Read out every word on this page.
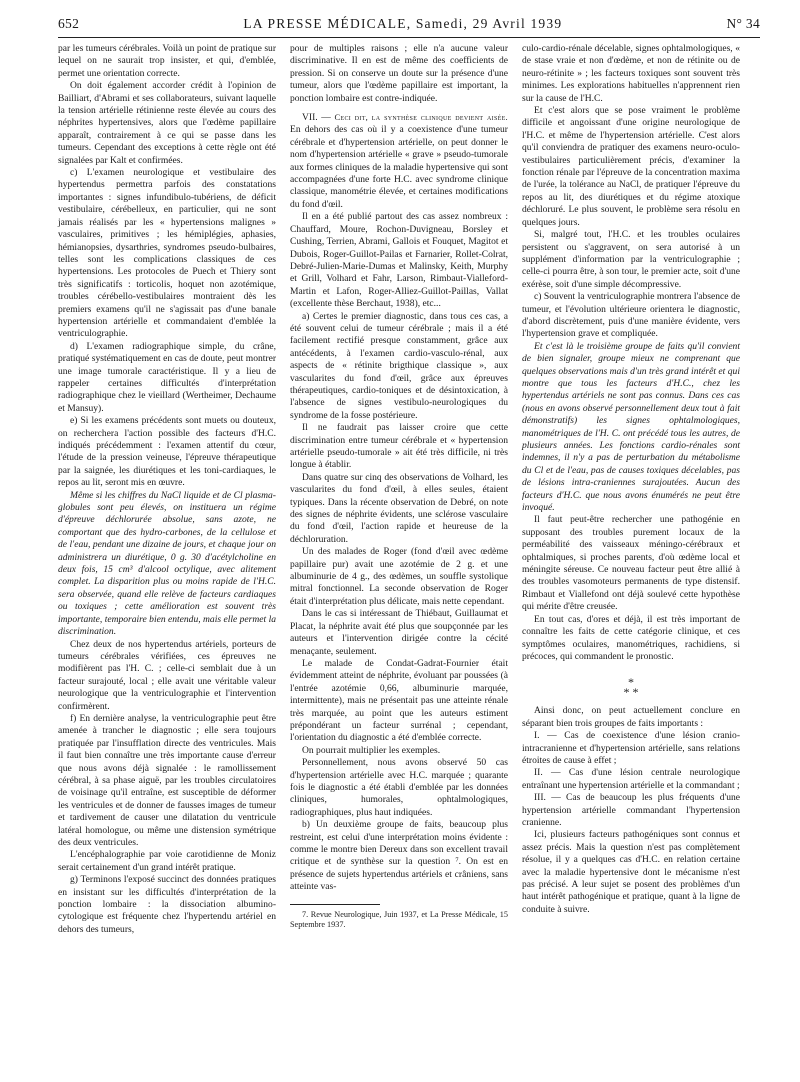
652	LA PRESSE MÉDICALE, Samedi, 29 Avril 1939	N° 34

par les tumeurs cérébrales. Voilà un point de pratique sur lequel on ne saurait trop insister, et qui, d'emblée, permet une orientation correcte.

On doit également accorder crédit à l'opinion de Bailliart, d'Abrami et ses collaborateurs, suivant laquelle la tension artérielle rétinienne reste élevée au cours des néphrites hypertensives, alors que l'œdème papillaire apparaît, contrairement à ce qui se passe dans les tumeurs. Cependant des exceptions à cette règle ont été signalées par Kalt et confirmées.

c) L'examen neurologique et vestibulaire des hypertendus permettra parfois des constatations importantes : signes infundibulo-tubériens, de déficit vestibulaire, cérébelleux, en particulier, qui ne sont jamais réalisés par les « hypertensions malignes » vasculaires, primitives ; les hémiplégies, aphasies, hémianopsies, dysarthries, syndromes pseudo-bulbaires, telles sont les complications classiques de ces hypertensions. Les protocoles de Puech et Thiery sont très significatifs : torticolis, hoquet non azotémique, troubles cérébello-vestibulaires montraient dès les premiers examens qu'il ne s'agissait pas d'une banale hypertension artérielle et commandaient d'emblée la ventriculographie.

d) L'examen radiographique simple, du crâne, pratiqué systématiquement en cas de doute, peut montrer une image tumorale caractéristique. Il y a lieu de rappeler certaines difficultés d'interprétation radiographique chez le vieillard (Wertheimer, Dechaume et Mansuy).

e) Si les examens précédents sont muets ou douteux, on recherchera l'action possible des facteurs d'H.C. indiqués précédemment : l'examen attentif du cœur, l'étude de la pression veineuse, l'épreuve thérapeutique par la saignée, les diurétiques et les toni-cardiaques, le repos au lit, seront mis en œuvre.

Même si les chiffres du NaCl liquide et de Cl plasma-globules sont peu élevés, on instituera un régime d'épreuve déchlorurée absolue, sans azote, ne comportant que des hydro-carbones, de la cellulose et de l'eau, pendant une dizaine de jours, et chaque jour on administrera un diurétique, 0 g. 30 d'acétylcholine en deux fois, 15 cm³ d'alcool octylique, avec alitement complet. La disparition plus ou moins rapide de l'H.C. sera observée, quand elle relève de facteurs cardiaques ou toxiques ; cette amélioration est souvent très importante, temporaire bien entendu, mais elle permet la discrimination.

Chez deux de nos hypertendus artériels, porteurs de tumeurs cérébrales vérifiées, ces épreuves ne modifièrent pas l'H. C. ; celle-ci semblait due à un facteur surajouté, local ; elle avait une véritable valeur neurologique que la ventriculographie et l'intervention confirmèrent.

f) En dernière analyse, la ventriculographie peut être amenée à trancher le diagnostic ; elle sera toujours pratiquée par l'insufflation directe des ventricules. Mais il faut bien connaître une très importante cause d'erreur que nous avons déjà signalée : le ramollissement cérébral, à sa phase aiguë, par les troubles circulatoires de voisinage qu'il entraîne, est susceptible de déformer les ventricules et de donner de fausses images de tumeur et tardivement de causer une dilatation du ventricule latéral homologue, ou même une distension symétrique des deux ventricules.

L'encéphalographie par voie carotidienne de Moniz serait certainement d'un grand intérêt pratique.

g) Terminons l'exposé succinct des données pratiques en insistant sur les difficultés d'interprétation de la ponction lombaire : la dissociation albumino-cytologique est fréquente chez l'hypertendu artériel en dehors des tumeurs,

pour de multiples raisons ; elle n'a aucune valeur discriminative. Il en est de même des coefficients de pression. Si on conserve un doute sur la présence d'une tumeur, alors que l'œdème papillaire est important, la ponction lombaire est contre-indiquée.

VII. — Ceci dit, la synthèse clinique devient aisée. En dehors des cas où il y a coexistence d'une tumeur cérébrale et d'hypertension artérielle, on peut donner le nom d'hypertension artérielle « grave » pseudo-tumorale aux formes cliniques de la maladie hypertensive qui sont accompagnées d'une forte H.C. avec syndrome clinique classique, manométrie élevée, et certaines modifications du fond d'œil.

Il en a été publié partout des cas assez nombreux : Chauffard, Moure, Rochon-Duvigneau, Borsley et Cushing, Terrien, Abrami, Gallois et Fouquet, Magitot et Dubois, Roger-Guillot-Pailas et Farnarier, Rollet-Colrat, Debré-Julien-Marie-Dumas et Malinsky, Keith, Murphy et Grill, Volhard et Fahr, Larson, Rimbaut-Vialleford-Martin et Lafon, Roger-Alliez-Guillot-Paillas, Vallat (excellente thèse Berchaut, 1938), etc...

a) Certes le premier diagnostic, dans tous ces cas, a été souvent celui de tumeur cérébrale ; mais il a été facilement rectifié presque constamment, grâce aux antécédents, à l'examen cardio-vasculo-rénal, aux aspects de « rétinite brigthique classique », aux vascularites du fond d'œil, grâce aux épreuves thérapeutiques, cardio-toniques et de désintoxication, à l'absence de signes vestibulo-neurologiques du syndrome de la fosse postérieure.

Il ne faudrait pas laisser croire que cette discrimination entre tumeur cérébrale et « hypertension artérielle pseudo-tumorale » ait été très difficile, ni très longue à établir.

Dans quatre sur cinq des observations de Volhard, les vascularites du fond d'œil, à elles seules, étaient typiques. Dans la récente observation de Debré, on note des signes de néphrite évidents, une sclérose vasculaire du fond d'œil, l'action rapide et heureuse de la déchloruration.

Un des malades de Roger (fond d'œil avec œdème papillaire pur) avait une azotémie de 2 g. et une albuminurie de 4 g., des œdèmes, un souffle systolique mitral fonctionnel. La seconde observation de Roger était d'interprétation plus délicate, mais nette cependant.

Dans le cas si intéressant de Thiébaut, Guillaumat et Placat, la néphrite avait été plus que soupçonnée par les auteurs et l'intervention dirigée contre la cécité menaçante, seulement.

Le malade de Condat-Gadrat-Fournier était évidemment atteint de néphrite, évoluant par poussées (à l'entrée azotémie 0,66, albuminurie marquée, intermittente), mais ne présentait pas une atteinte rénale très marquée, au point que les auteurs estiment prépondérant un facteur surrénal ; cependant, l'orientation du diagnostic a été d'emblée correcte.

On pourrait multiplier les exemples.

Personnellement, nous avons observé 50 cas d'hypertension artérielle avec H.C. marquée ; quarante fois le diagnostic a été établi d'emblée par les données cliniques, humorales, ophtalmologiques, radiographiques, plus haut indiquées.

b) Un deuxième groupe de faits, beaucoup plus restreint, est celui d'une interprétation moins évidente : comme le montre bien Dereux dans son excellent travail critique et de synthèse sur la question ⁷. On est en présence de sujets hypertendus artériels et crâniens, sans atteinte vas-

7. Revue Neurologique, Juin 1937, et La Presse Médicale, 15 Septembre 1937.

culo-cardio-rénale décelable, signes ophtalmologiques, « de stase vraie et non d'œdème, et non de rétinite ou de neuro-rétinite » ; les facteurs toxiques sont souvent très minimes. Les explorations habituelles n'apprennent rien sur la cause de l'H.C.

Et c'est alors que se pose vraiment le problème difficile et angoissant d'une origine neurologique de l'H.C. et même de l'hypertension artérielle. C'est alors qu'il conviendra de pratiquer des examens neuro-oculo-vestibulaires particulièrement précis, d'examiner la fonction rénale par l'épreuve de la concentration maxima de l'urée, la tolérance au NaCl, de pratiquer l'épreuve du repos au lit, des diurétiques et du régime atoxique déchloruré. Le plus souvent, le problème sera résolu en quelques jours.

Si, malgré tout, l'H.C. et les troubles oculaires persistent ou s'aggravent, on sera autorisé à un supplément d'information par la ventriculographie ; celle-ci pourra être, à son tour, le premier acte, soit d'une exérèse, soit d'une simple décompressive.

c) Souvent la ventriculographie montrera l'absence de tumeur, et l'évolution ultérieure orientera le diagnostic, d'abord discrètement, puis d'une manière évidente, vers l'hypertension grave et compliquée.

Et c'est là le troisième groupe de faits qu'il convient de bien signaler, groupe mieux ne comprenant que quelques observations mais d'un très grand intérêt et qui montre que tous les facteurs d'H.C., chez les hypertendus artériels ne sont pas connus. Dans ces cas (nous en avons observé personnellement deux tout à fait démonstratifs) les signes ophtalmologiques, manométriques de l'H. C. ont précédé tous les autres, de plusieurs années. Les fonctions cardio-rénales sont indemnes, il n'y a pas de perturbation du métabolisme du Cl et de l'eau, pas de causes toxiques décelables, pas de lésions intra-craniennes surajoutées. Aucun des facteurs d'H.C. que nous avons énumérés ne peut être invoqué.

Il faut peut-être rechercher une pathogénie en supposant des troubles purement locaux de la perméabilité des vaisseaux méningo-cérébraux et ophtalmiques, si proches parents, d'où œdème local et méningite séreuse. Ce nouveau facteur peut être allié à des troubles vasomoteurs permanents de type distensif. Rimbaut et Viallefond ont déjà soulevé cette hypothèse qui mérite d'être creusée.

En tout cas, d'ores et déjà, il est très important de connaître les faits de cette catégorie clinique, et ces symptômes oculaires, manométriques, rachidiens, si précoces, qui commandent le pronostic.

*
* *

Ainsi donc, on peut actuellement conclure en séparant bien trois groupes de faits importants :

I. — Cas de coexistence d'une lésion cranio-intracranienne et d'hypertension artérielle, sans relations étroites de cause à effet ;

II. — Cas d'une lésion centrale neurologique entraînant une hypertension artérielle et la commandant ;

III. — Cas de beaucoup les plus fréquents d'une hypertension artérielle commandant l'hypertension cranienne.

Ici, plusieurs facteurs pathogéniques sont connus et assez précis. Mais la question n'est pas complètement résolue, il y a quelques cas d'H.C. en relation certaine avec la maladie hypertensive dont le mécanisme n'est pas précisé. A leur sujet se posent des problèmes d'un haut intérêt pathogénique et pratique, quant à la ligne de conduite à suivre.
